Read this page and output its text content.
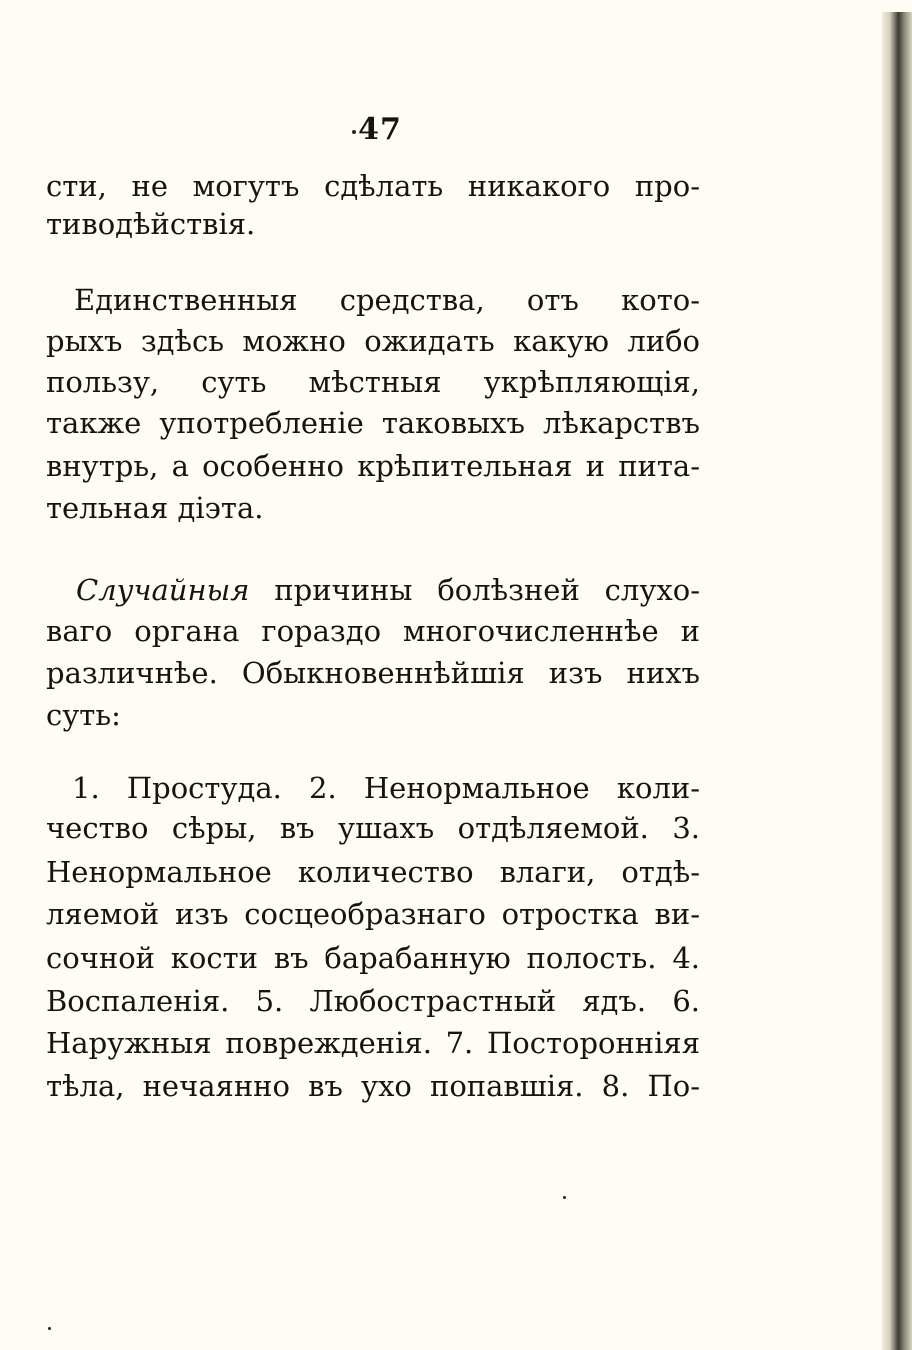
47
сти, не могутъ сдѣлать никакого про-
тиводѣйствія.
Единственныя средства, отъ кото-
рыхъ здѣсь можно ожидать какую либо
пользу, суть мѣстныя укрѣпляющія,
также употребленіе таковыхъ лѣкарствъ
внутрь, а особенно крѣпительная и пита-
тельная діэта.
Случайныя причины болѣзней слухо-
ваго органа гораздо многочисленнѣе и
различнѣе. Обыкновеннѣйшія изъ нихъ
суть:
1. Простуда. 2. Ненормальное коли-
чество сѣры, въ ушахъ отдѣляемой. 3.
Ненормальное количество влаги, отдѣ-
ляемой изъ сосцеобразнаго отростка ви-
сочной кости въ барабанную полость. 4.
Воспаленія. 5. Любострастный ядъ. 6.
Наружныя поврежденія. 7. Посторонніяя
тѣла, нечаянно въ ухо попавшія. 8. По-
